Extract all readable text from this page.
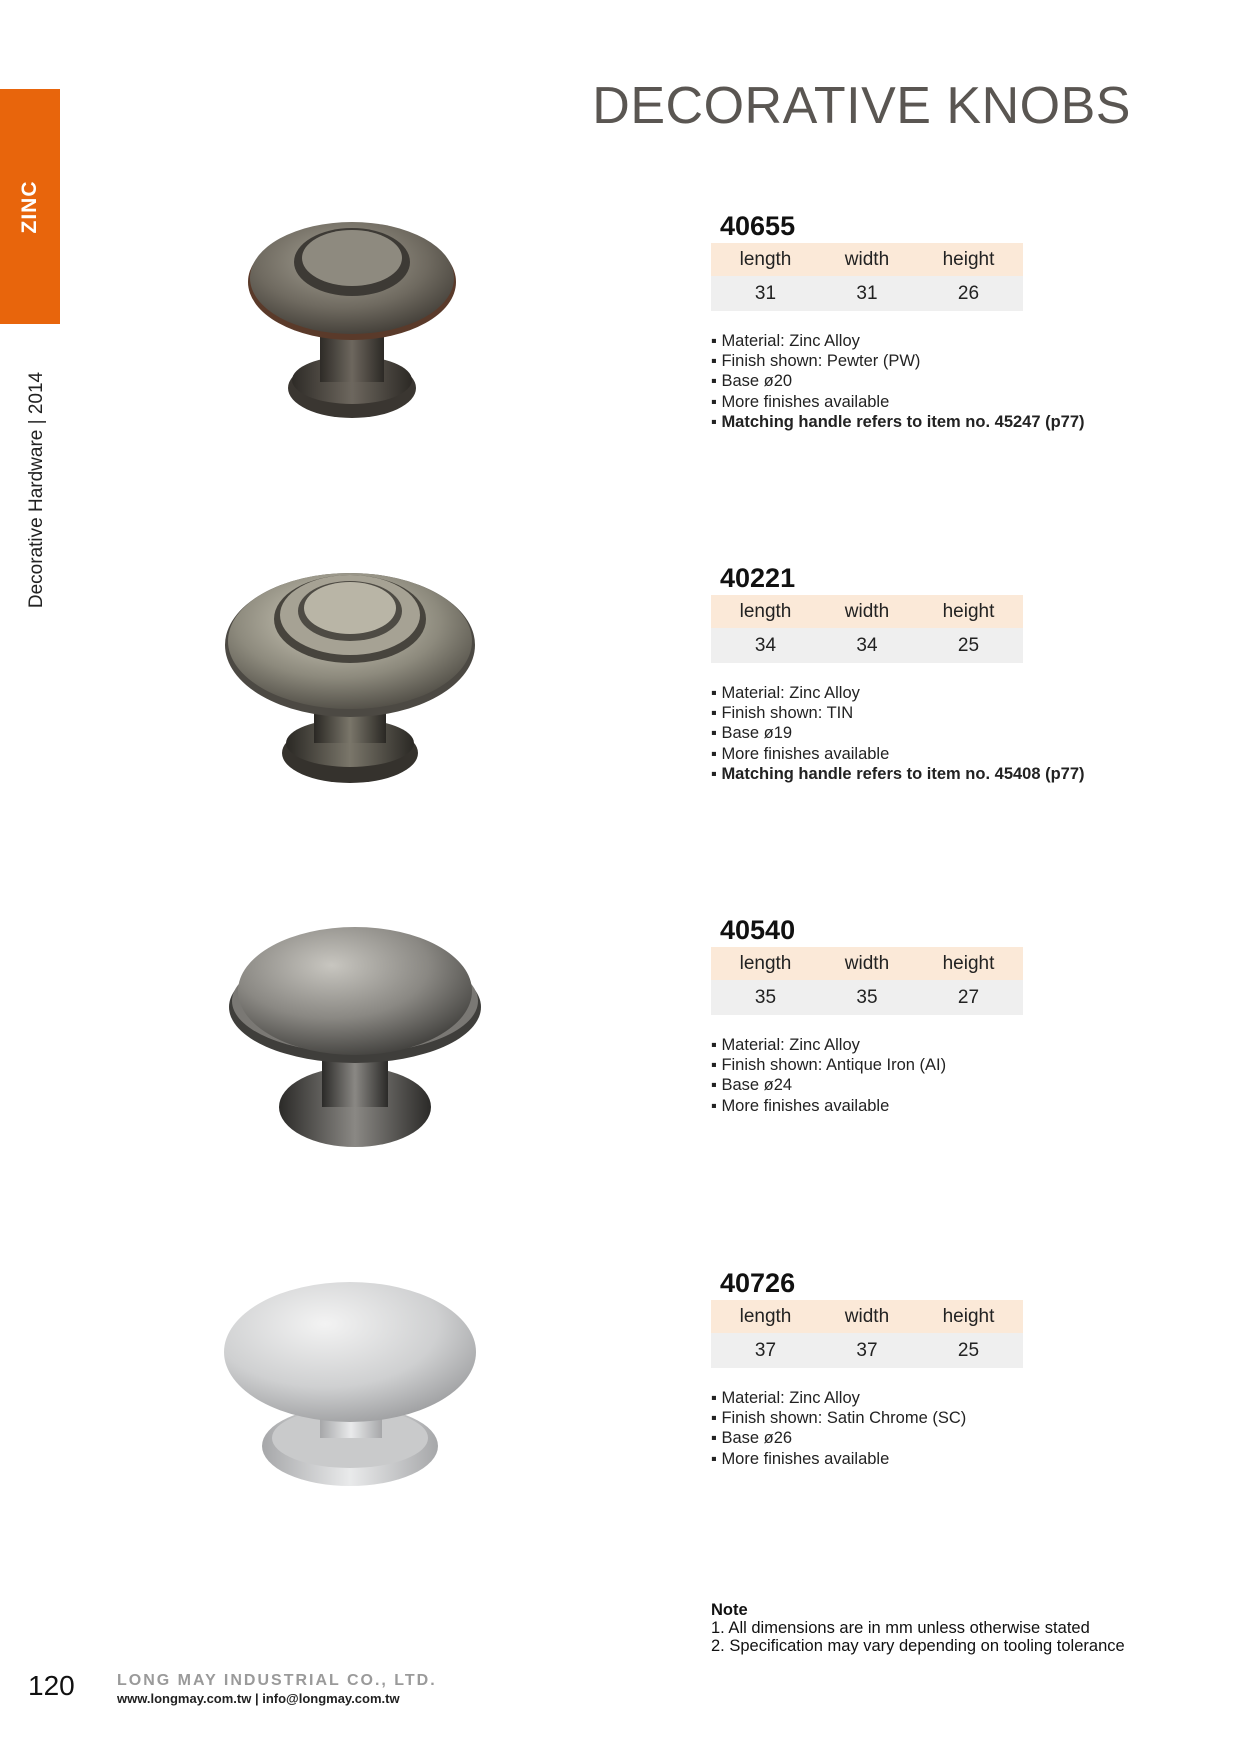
ZINC
Decorative Hardware | 2014
DECORATIVE KNOBS
40655
length	width	height
31	31	26
▪ Material: Zinc Alloy
▪ Finish shown: Pewter (PW)
▪ Base ø20
▪ More finishes available
▪ Matching handle refers to item no. 45247 (p77)
40221
length	width	height
34	34	25
▪ Material: Zinc Alloy
▪ Finish shown: TIN
▪ Base ø19
▪ More finishes available
▪ Matching handle refers to item no. 45408 (p77)
40540
length	width	height
35	35	27
▪ Material: Zinc Alloy
▪ Finish shown: Antique Iron (AI)
▪ Base ø24
▪ More finishes available
40726
length	width	height
37	37	25
▪ Material: Zinc Alloy
▪ Finish shown: Satin Chrome (SC)
▪ Base ø26
▪ More finishes available
Note
1. All dimensions are in mm unless otherwise stated
2. Specification may vary depending on tooling tolerance
120	LONG MAY INDUSTRIAL CO., LTD.
www.longmay.com.tw | info@longmay.com.tw
